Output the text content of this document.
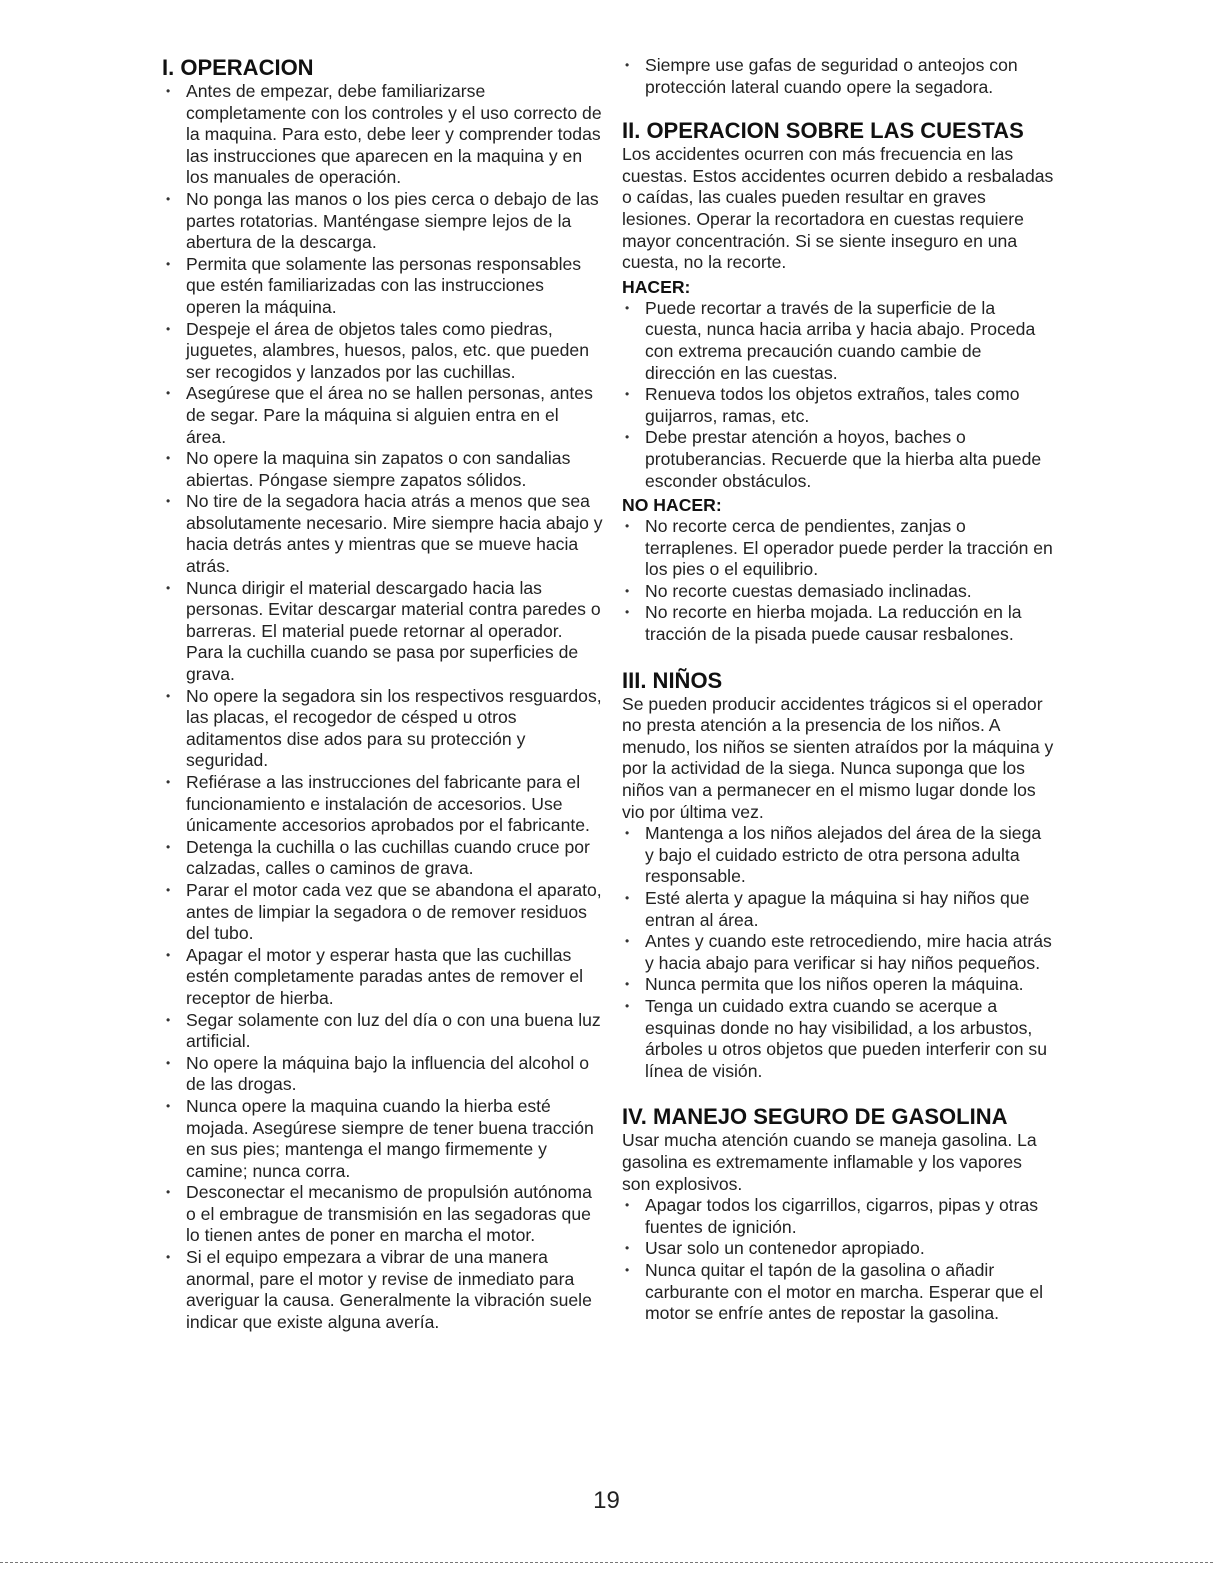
I. OPERACION
• Antes de empezar, debe familiarizarse completamente con los controles y el uso correcto de la maquina. Para esto, debe leer y comprender todas las instrucciones que aparecen en la maquina y en los manuales de operación.
• No ponga las manos o los pies cerca o debajo de las partes rotatorias. Manténgase siempre lejos de la abertura de la descarga.
• Permita que solamente las personas responsables que estén familiarizadas con las instrucciones operen la máquina.
• Despeje el área de objetos tales como piedras, juguetes, alambres, huesos, palos, etc. que pueden ser recogidos y lanzados por las cuchillas.
• Asegúrese que el área no se hallen personas, antes de segar. Pare la máquina si alguien entra en el área.
• No opere la maquina sin zapatos o con sandalias abiertas. Póngase siempre zapatos sólidos.
• No tire de la segadora hacia atrás a menos que sea absolutamente necesario. Mire siempre hacia abajo y hacia detrás antes y mientras que se mueve hacia atrás.
• Nunca dirigir el material descargado hacia las personas. Evitar descargar material contra paredes o barreras. El material puede retornar al operador. Para la cuchilla cuando se pasa por superficies de grava.
• No opere la segadora sin los respectivos resguardos, las placas, el recogedor de césped u otros aditamentos dise ados para su protección y seguridad.
• Refiérase a las instrucciones del fabricante para el funcionamiento e instalación de accesorios. Use únicamente accesorios aprobados por el fabricante.
• Detenga la cuchilla o las cuchillas cuando cruce por calzadas, calles o caminos de grava.
• Parar el motor cada vez que se abandona el aparato, antes de limpiar la segadora o de remover residuos del tubo.
• Apagar el motor y esperar hasta que las cuchillas estén completamente paradas antes de remover el receptor de hierba.
• Segar solamente con luz del día o con una buena luz artificial.
• No opere la máquina bajo la influencia del alcohol o de las drogas.
• Nunca opere la maquina cuando la hierba esté mojada. Asegúrese siempre de tener buena tracción en sus pies; mantenga el mango firmemente y camine; nunca corra.
• Desconectar el mecanismo de propulsión autónoma o el embrague de transmisión en las segadoras que lo tienen antes de poner en marcha el motor.
• Si el equipo empezara a vibrar de una manera anormal, pare el motor y revise de inmediato para averiguar la causa. Generalmente la vibración suele indicar que existe alguna avería.
• Siempre use gafas de seguridad o anteojos con protección lateral cuando opere la segadora.
II. OPERACION SOBRE LAS CUESTAS

Los accidentes ocurren con más frecuencia en las cuestas. Estos accidentes ocurren debido a resbaladas o caídas, las cuales pueden resultar en graves lesiones. Operar la recortadora en cuestas requiere mayor concentración. Si se siente inseguro en una cuesta, no la recorte.

HACER:
• Puede recortar a través de la superficie de la cuesta, nunca hacia arriba y hacia abajo. Proceda con extrema precaución cuando cambie de dirección en las cuestas.
• Renueva todos los objetos extraños, tales como guijarros, ramas, etc.
• Debe prestar atención a hoyos, baches o protuberancias. Recuerde que la hierba alta puede esconder obstáculos.
NO HACER:
• No recorte cerca de pendientes, zanjas o terraplenes. El operador puede perder la tracción en los pies o el equilibrio.
• No recorte cuestas demasiado inclinadas.
• No recorte en hierba mojada. La reducción en la tracción de la pisada puede causar resbalones.
III. NIÑOS

Se pueden producir accidentes trágicos si el operador no presta atención a la presencia de los niños. A menudo, los niños se sienten atraídos por la máquina y por la actividad de la siega. Nunca suponga que los niños van a permanecer en el mismo lugar donde los vio por última vez.

• Mantenga a los niños alejados del área de la siega y bajo el cuidado estricto de otra persona adulta responsable.
• Esté alerta y apague la máquina si hay niños que entran al área.
• Antes y cuando este retrocediendo, mire hacia atrás y hacia abajo para verificar si hay niños pequeños.
• Nunca permita que los niños operen la máquina.
• Tenga un cuidado extra cuando se acerque a esquinas donde no hay visibilidad, a los arbustos, árboles u otros objetos que pueden interferir con su línea de visión.
IV. MANEJO SEGURO DE GASOLINA

Usar mucha atención cuando se maneja gasolina. La gasolina es extremamente inflamable y los vapores son explosivos.

• Apagar todos los cigarrillos, cigarros, pipas y otras fuentes de ignición.
• Usar solo un contenedor apropiado.
• Nunca quitar el tapón de la gasolina o añadir carburante con el motor en marcha. Esperar que el motor se enfríe antes de repostar la gasolina.
19
